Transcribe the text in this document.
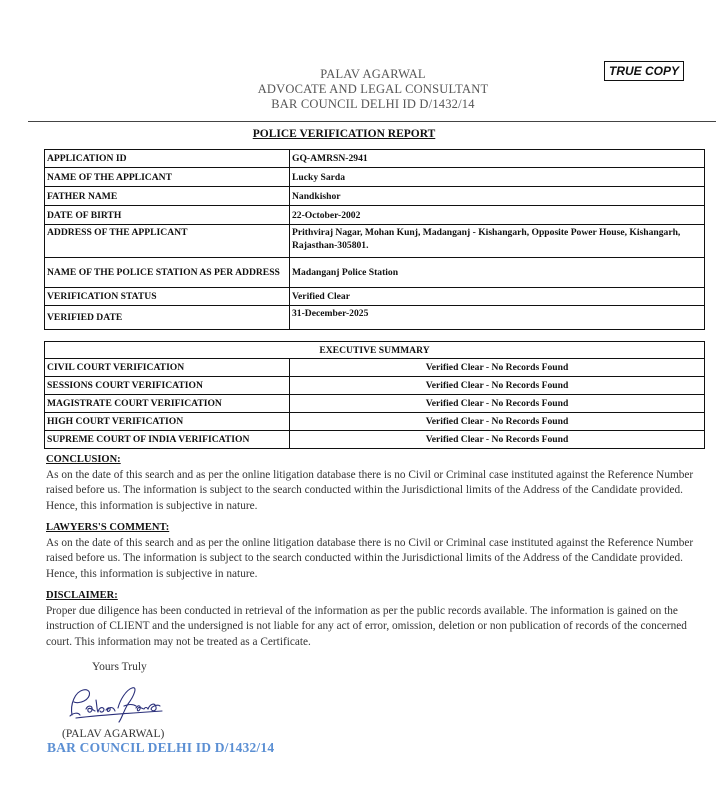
PALAV AGARWAL
ADVOCATE AND LEGAL CONSULTANT
BAR COUNCIL DELHI ID D/1432/14
TRUE COPY
POLICE VERIFICATION REPORT
APPLICATION ID	GQ-AMRSN-2941
NAME OF THE APPLICANT	Lucky Sarda
FATHER NAME	Nandkishor
DATE OF BIRTH	22-October-2002
ADDRESS OF THE APPLICANT	Prithviraj Nagar, Mohan Kunj, Madanganj - Kishangarh, Opposite Power House, Kishangarh, Rajasthan-305801.
NAME OF THE POLICE STATION AS PER ADDRESS	Madanganj Police Station
VERIFICATION STATUS	Verified Clear
VERIFIED DATE	31-December-2025
EXECUTIVE SUMMARY	
CIVIL COURT VERIFICATION	Verified Clear - No Records Found
SESSIONS COURT VERIFICATION	Verified Clear - No Records Found
MAGISTRATE COURT VERIFICATION	Verified Clear - No Records Found
HIGH COURT VERIFICATION	Verified Clear - No Records Found
SUPREME COURT OF INDIA VERIFICATION	Verified Clear - No Records Found
CONCLUSION:
As on the date of this search and as per the online litigation database there is no Civil or Criminal case instituted against the Reference Number raised before us. The information is subject to the search conducted within the Jurisdictional limits of the Address of the Candidate provided. Hence, this information is subjective in nature.
LAWYERS'S COMMENT:
As on the date of this search and as per the online litigation database there is no Civil or Criminal case instituted against the Reference Number raised before us. The information is subject to the search conducted within the Jurisdictional limits of the Address of the Candidate provided. Hence, this information is subjective in nature.
DISCLAIMER:
Proper due diligence has been conducted in retrieval of the information as per the public records available. The information is gained on the instruction of CLIENT and the undersigned is not liable for any act of error, omission, deletion or non publication of records of the concerned court. This information may not be treated as a Certificate.
Yours Truly
(PALAV AGARWAL)
BAR COUNCIL DELHI ID D/1432/14
